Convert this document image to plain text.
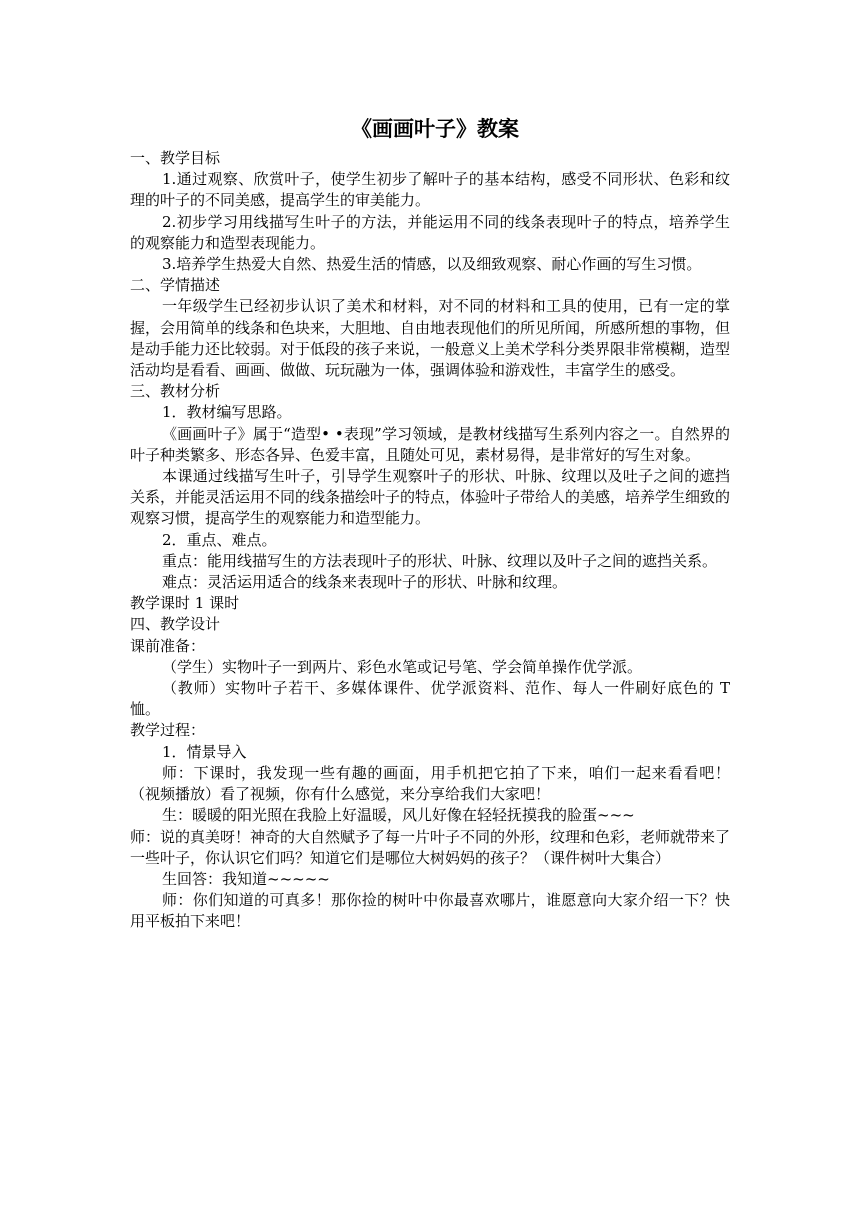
《画画叶子》教案

一、教学目标

1.通过观察、欣赏叶子，使学生初步了解叶子的基本结构，感受不同形状、色彩和纹理的叶子的不同美感，提高学生的审美能力。

2.初步学习用线描写生叶子的方法，并能运用不同的线条表现叶子的特点，培养学生的观察能力和造型表现能力。

3.培养学生热爱大自然、热爱生活的情感，以及细致观察、耐心作画的写生习惯。

二、学情描述

一年级学生已经初步认识了美术和材料，对不同的材料和工具的使用，已有一定的掌握，会用简单的线条和色块来，大胆地、自由地表现他们的所见所闻，所感所想的事物，但是动手能力还比较弱。对于低段的孩子来说，一般意义上美术学科分类界限非常模糊，造型活动均是看看、画画、做做、玩玩融为一体，强调体验和游戏性，丰富学生的感受。

三、教材分析

1．教材编写思路。

《画画叶子》属于“造型• •表现”学习领域，是教材线描写生系列内容之一。自然界的叶子种类繁多、形态各异、色爱丰富，且随处可见，素材易得，是非常好的写生对象。

本课通过线描写生叶子，引导学生观察叶子的形状、叶脉、纹理以及吐子之间的遮挡关系，并能灵活运用不同的线条描绘叶子的特点，体验叶子带给人的美感，培养学生细致的观察习惯，提高学生的观察能力和造型能力。

2．重点、难点。

重点：能用线描写生的方法表现叶子的形状、叶脉、纹理以及叶子之间的遮挡关系。

难点：灵活运用适合的线条来表现叶子的形状、叶脉和纹理。

教学课时 1 课时

四、教学设计

课前准备：

（学生）实物叶子一到两片、彩色水笔或记号笔、学会简单操作优学派。

（教师）实物叶子若干、多媒体课件、优学派资料、范作、每人一件刷好底色的 T 恤。

教学过程：

1．情景导入

师：下课时，我发现一些有趣的画面，用手机把它拍了下来，咱们一起来看看吧！（视频播放）看了视频，你有什么感觉，来分享给我们大家吧！

生：暖暖的阳光照在我脸上好温暖，风儿好像在轻轻抚摸我的脸蛋~~~

师：说的真美呀！神奇的大自然赋予了每一片叶子不同的外形，纹理和色彩，老师就带来了一些叶子，你认识它们吗？知道它们是哪位大树妈妈的孩子？（课件树叶大集合）

生回答：我知道~~~~~

师：你们知道的可真多！那你捡的树叶中你最喜欢哪片，谁愿意向大家介绍一下？快用平板拍下来吧！
